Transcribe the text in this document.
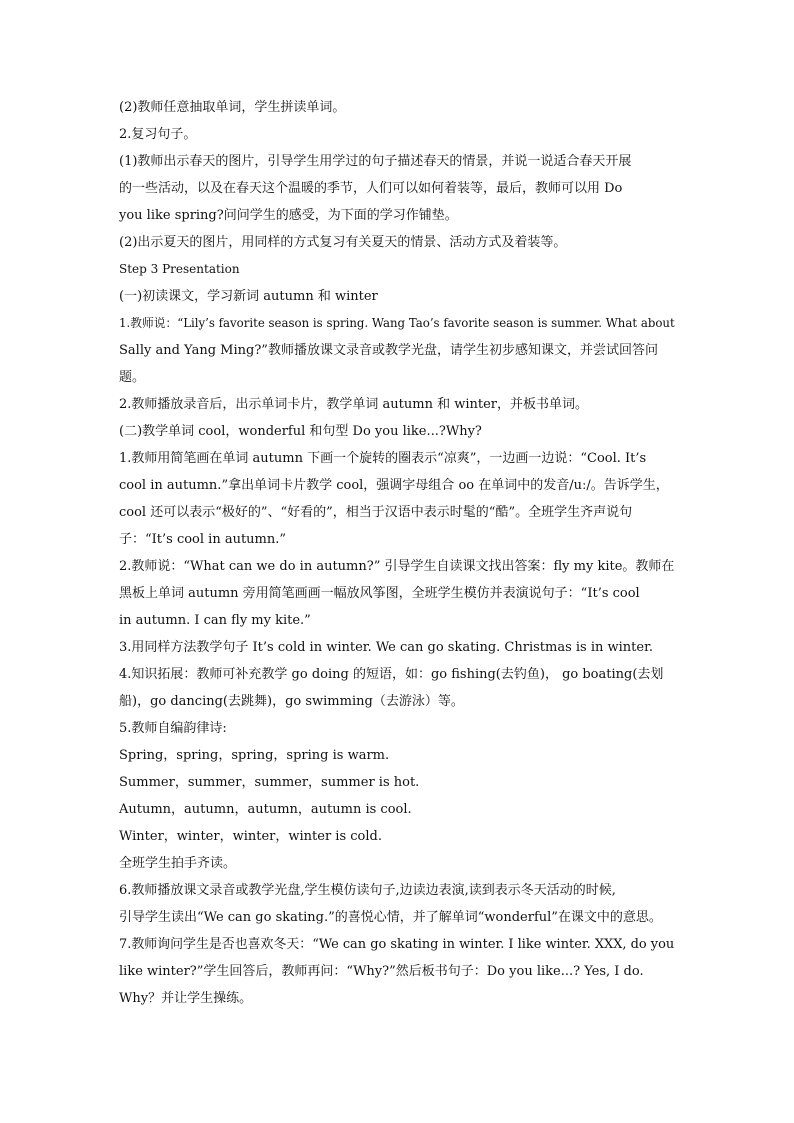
(2)教师任意抽取单词，学生拼读单词。
2.复习句子。
(1)教师出示春天的图片，引导学生用学过的句子描述春天的情景，并说一说适合春天开展
的一些活动，以及在春天这个温暖的季节，人们可以如何着装等，最后，教师可以用 Do
you like spring?问问学生的感受，为下面的学习作铺垫。
(2)出示夏天的图片，用同样的方式复习有关夏天的情景、活动方式及着装等。
Step 3 Presentation
(一)初读课文，学习新词 autumn 和 winter
1.教师说：“Lily’s favorite season is spring. Wang Tao’s favorite season is summer. What about
Sally and Yang Ming?”教师播放课文录音或教学光盘，请学生初步感知课文，并尝试回答问
题。
2.教师播放录音后，出示单词卡片，教学单词 autumn 和 winter，并板书单词。
(二)教学单词 cool，wonderful 和句型 Do you like...?Why?
1.教师用简笔画在单词 autumn 下画一个旋转的圈表示“凉爽”，一边画一边说：“Cool. It’s
cool in autumn.”拿出单词卡片教学 cool，强调字母组合 oo 在单词中的发音/uː/。告诉学生，
cool 还可以表示“极好的”、“好看的”，相当于汉语中表示时髦的“酷”。全班学生齐声说句
子：“It’s cool in autumn.”
2.教师说：“What can we do in autumn?” 引导学生自读课文找出答案：fly my kite。教师在
黑板上单词 autumn 旁用简笔画画一幅放风筝图，全班学生模仿并表演说句子：“It’s cool
in autumn. I can fly my kite.”
3.用同样方法教学句子 It’s cold in winter. We can go skating. Christmas is in winter.
4.知识拓展：教师可补充教学 go doing 的短语，如：go fishing(去钓鱼)， go boating(去划
船)，go dancing(去跳舞)，go swimming（去游泳）等。
5.教师自编韵律诗:
Spring，spring，spring，spring is warm.
Summer，summer，summer，summer is hot.
Autumn，autumn，autumn，autumn is cool.
Winter，winter，winter，winter is cold.
全班学生拍手齐读。
6.教师播放课文录音或教学光盘,学生模仿读句子,边读边表演,读到表示冬天活动的时候,
引导学生读出“We can go skating.”的喜悦心情，并了解单词“wonderful”在课文中的意思。
7.教师询问学生是否也喜欢冬天：“We can go skating in winter. I like winter. XXX, do you
like winter?”学生回答后，教师再问：“Why?”然后板书句子：Do you like...? Yes, I do.
Why？并让学生操练。
